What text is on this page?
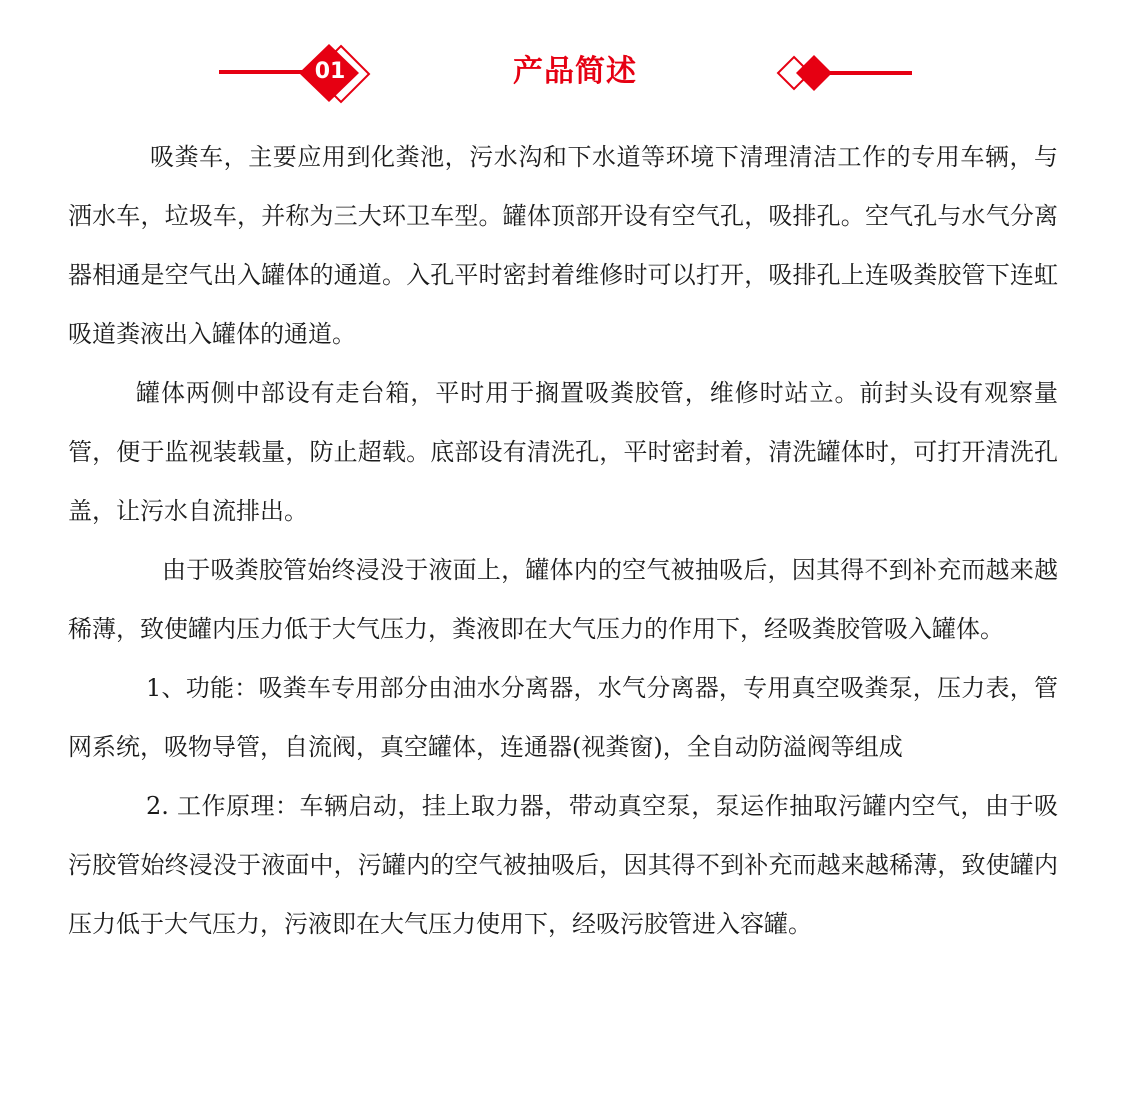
01	产品简述

吸粪车，主要应用到化粪池，污水沟和下水道等环境下清理清洁工作的专用车辆，与洒水车，垃圾车，并称为三大环卫车型。罐体顶部开设有空气孔，吸排孔。空气孔与水气分离器相通是空气出入罐体的通道。入孔平时密封着维修时可以打开，吸排孔上连吸粪胶管下连虹吸道粪液出入罐体的通道。

罐体两侧中部设有走台箱，平时用于搁置吸粪胶管，维修时站立。前封头设有观察量管，便于监视装载量，防止超载。底部设有清洗孔，平时密封着，清洗罐体时，可打开清洗孔盖，让污水自流排出。

由于吸粪胶管始终浸没于液面上，罐体内的空气被抽吸后，因其得不到补充而越来越稀薄，致使罐内压力低于大气压力，粪液即在大气压力的作用下，经吸粪胶管吸入罐体。

1、功能：吸粪车专用部分由油水分离器，水气分离器，专用真空吸粪泵，压力表，管网系统，吸物导管，自流阀，真空罐体，连通器(视粪窗)，全自动防溢阀等组成

2. 工作原理：车辆启动，挂上取力器，带动真空泵，泵运作抽取污罐内空气，由于吸污胶管始终浸没于液面中，污罐内的空气被抽吸后，因其得不到补充而越来越稀薄，致使罐内压力低于大气压力，污液即在大气压力使用下，经吸污胶管进入容罐。
